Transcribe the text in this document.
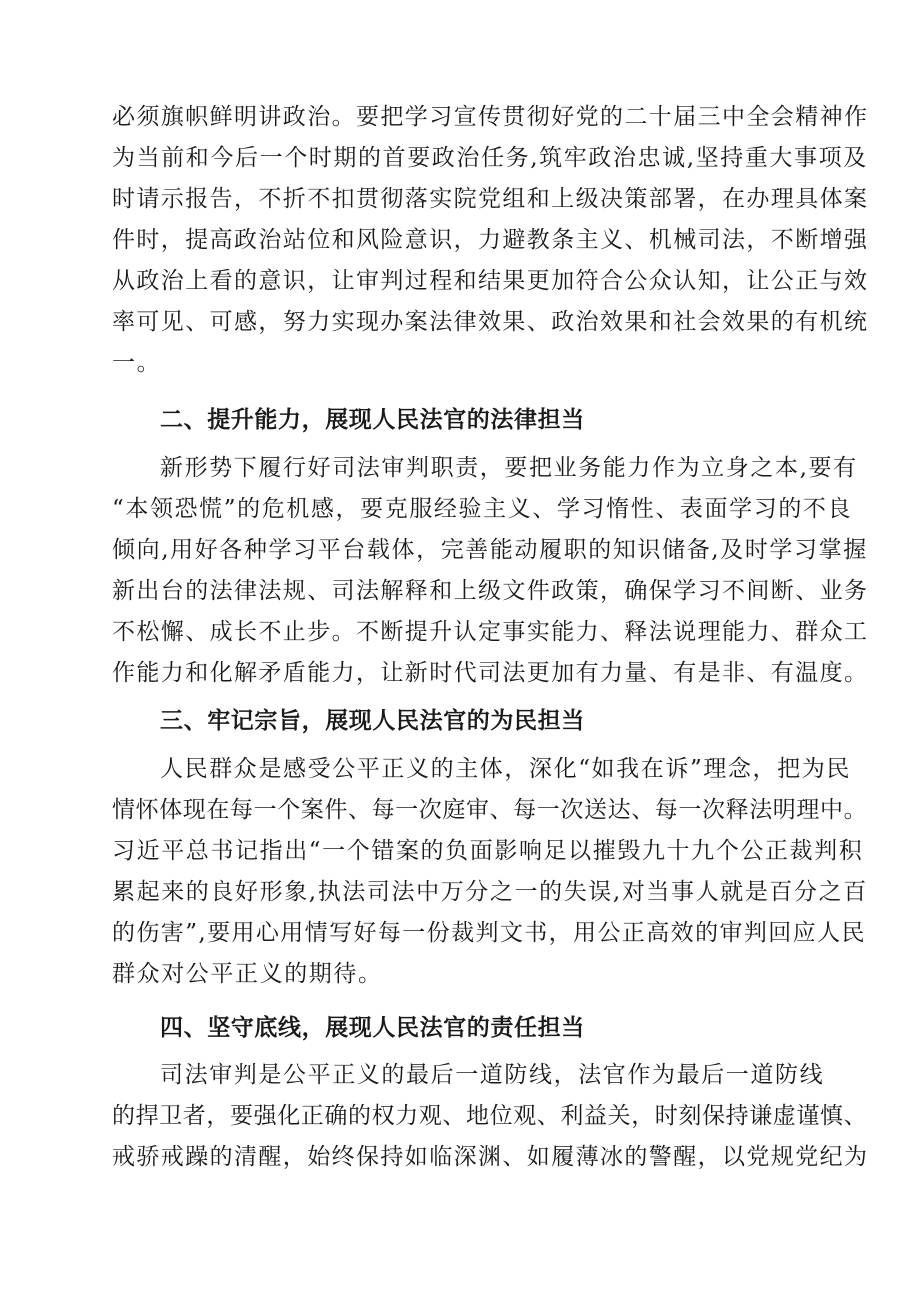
必须旗帜鲜明讲政治。要把学习宣传贯彻好党的二十届三中全会精神作
为当前和今后一个时期的首要政治任务,筑牢政治忠诚,坚持重大事项及
时请示报告，不折不扣贯彻落实院党组和上级决策部署，在办理具体案
件时，提高政治站位和风险意识，力避教条主义、机械司法，不断增强
从政治上看的意识，让审判过程和结果更加符合公众认知，让公正与效
率可见、可感，努力实现办案法律效果、政治效果和社会效果的有机统
一。
二、提升能力，展现人民法官的法律担当
新形势下履行好司法审判职责，要把业务能力作为立身之本,要有
“本领恐慌”的危机感，要克服经验主义、学习惰性、表面学习的不良
倾向,用好各种学习平台载体，完善能动履职的知识储备,及时学习掌握
新出台的法律法规、司法解释和上级文件政策，确保学习不间断、业务
不松懈、成长不止步。不断提升认定事实能力、释法说理能力、群众工
作能力和化解矛盾能力，让新时代司法更加有力量、有是非、有温度。
三、牢记宗旨，展现人民法官的为民担当
人民群众是感受公平正义的主体，深化“如我在诉”理念，把为民
情怀体现在每一个案件、每一次庭审、每一次送达、每一次释法明理中。
习近平总书记指出“一个错案的负面影响足以摧毁九十九个公正裁判积
累起来的良好形象,执法司法中万分之一的失误,对当事人就是百分之百
的伤害”,要用心用情写好每一份裁判文书，用公正高效的审判回应人民
群众对公平正义的期待。
四、坚守底线，展现人民法官的责任担当
司法审判是公平正义的最后一道防线，法官作为最后一道防线
的捍卫者，要强化正确的权力观、地位观、利益关，时刻保持谦虚谨慎、
戒骄戒躁的清醒，始终保持如临深渊、如履薄冰的警醒，以党规党纪为
